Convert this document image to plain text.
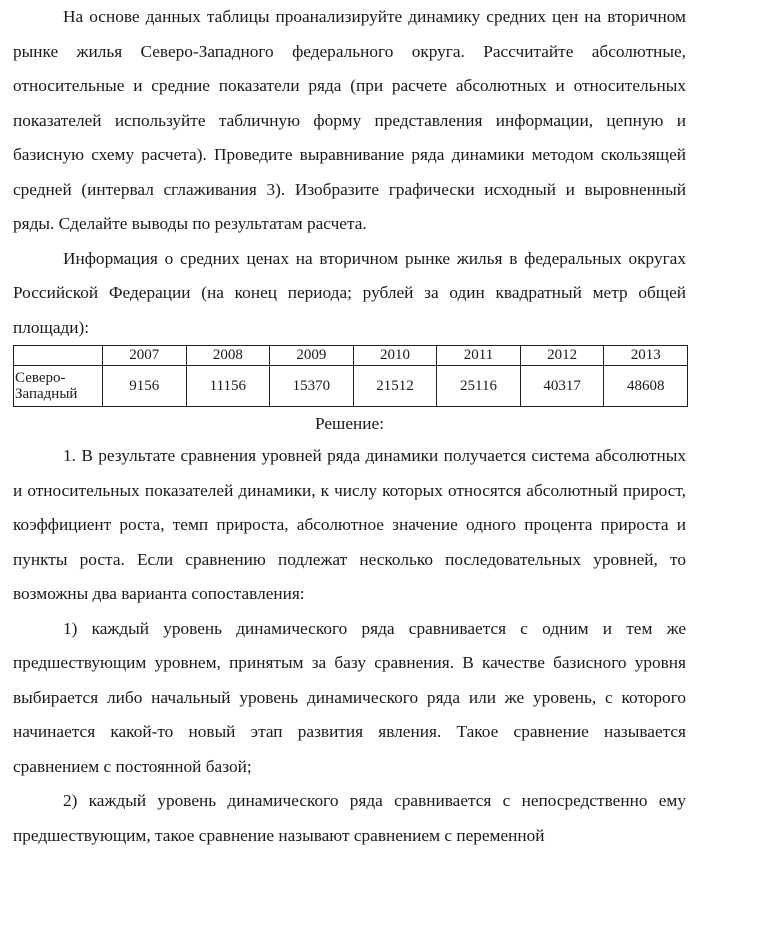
На основе данных таблицы проанализируйте динамику средних цен на вторичном рынке жилья Северо-Западного федерального округа. Рассчитайте абсолютные, относительные и средние показатели ряда (при расчете абсолютных и относительных показателей используйте табличную форму представления информации, цепную и базисную схему расчета). Проведите выравнивание ряда динамики методом скользящей средней (интервал сглаживания 3). Изобразите графически исходный и выровненный ряды. Сделайте выводы по результатам расчета.

Информация о средних ценах на вторичном рынке жилья в федеральных округах Российской Федерации (на конец периода; рублей за один квадратный метр общей площади):

	2007	2008	2009	2010	2011	2012	2013
Северо-Западный	9156	11156	15370	21512	25116	40317	48608

Решение:

1. В результате сравнения уровней ряда динамики получается система абсолютных и относительных показателей динамики, к числу которых относятся абсолютный прирост, коэффициент роста, темп прироста, абсолютное значение одного процента прироста и пункты роста. Если сравнению подлежат несколько последовательных уровней, то возможны два варианта сопоставления:

1) каждый уровень динамического ряда сравнивается с одним и тем же предшествующим уровнем, принятым за базу сравнения. В качестве базисного уровня выбирается либо начальный уровень динамического ряда или же уровень, с которого начинается какой-то новый этап развития явления. Такое сравнение называется сравнением с постоянной базой;

2) каждый уровень динамического ряда сравнивается с непосредственно ему предшествующим, такое сравнение называют сравнением с переменной
